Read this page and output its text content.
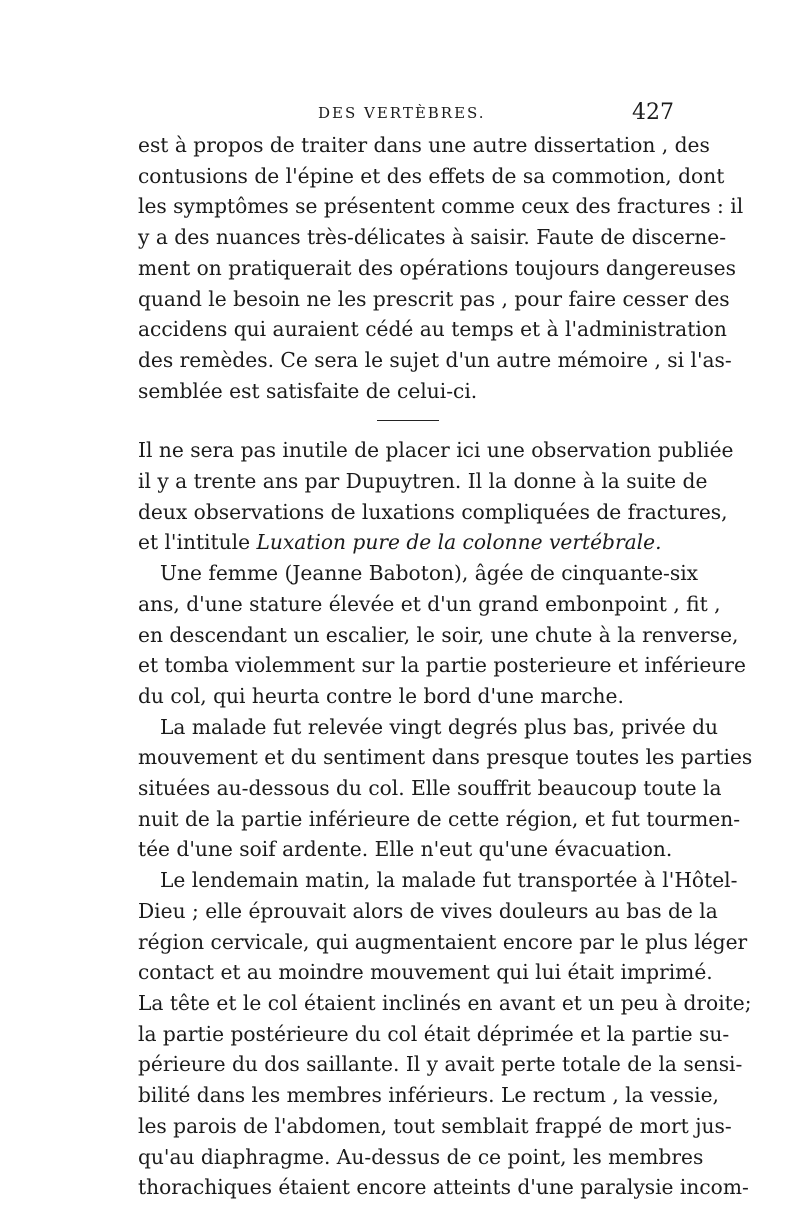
DES VERTÈBRES.	427
est à propos de traiter dans une autre dissertation , des
contusions de l'épine et des effets de sa commotion, dont
les symptômes se présentent comme ceux des fractures : il
y a des nuances très-délicates à saisir. Faute de discerne-
ment on pratiquerait des opérations toujours dangereuses
quand le besoin ne les prescrit pas , pour faire cesser des
accidens qui auraient cédé au temps et à l'administration
des remèdes. Ce sera le sujet d'un autre mémoire , si l'as-
semblée est satisfaite de celui-ci.
Il ne sera pas inutile de placer ici une observation publiée
il y a trente ans par Dupuytren. Il la donne à la suite de
deux observations de luxations compliquées de fractures,
et l'intitule Luxation pure de la colonne vertébrale.
Une femme (Jeanne Baboton), âgée de cinquante-six
ans, d'une stature élevée et d'un grand embonpoint , fit ,
en descendant un escalier, le soir, une chute à la renverse,
et tomba violemment sur la partie posterieure et inférieure
du col, qui heurta contre le bord d'une marche.
La malade fut relevée vingt degrés plus bas, privée du
mouvement et du sentiment dans presque toutes les parties
situées au-dessous du col. Elle souffrit beaucoup toute la
nuit de la partie inférieure de cette région, et fut tourmen-
tée d'une soif ardente. Elle n'eut qu'une évacuation.
Le lendemain matin, la malade fut transportée à l'Hôtel-
Dieu ; elle éprouvait alors de vives douleurs au bas de la
région cervicale, qui augmentaient encore par le plus léger
contact et au moindre mouvement qui lui était imprimé.
La tête et le col étaient inclinés en avant et un peu à droite;
la partie postérieure du col était déprimée et la partie su-
périeure du dos saillante. Il y avait perte totale de la sensi-
bilité dans les membres inférieurs. Le rectum , la vessie,
les parois de l'abdomen, tout semblait frappé de mort jus-
qu'au diaphragme. Au-dessus de ce point, les membres
thorachiques étaient encore atteints d'une paralysie incom-
